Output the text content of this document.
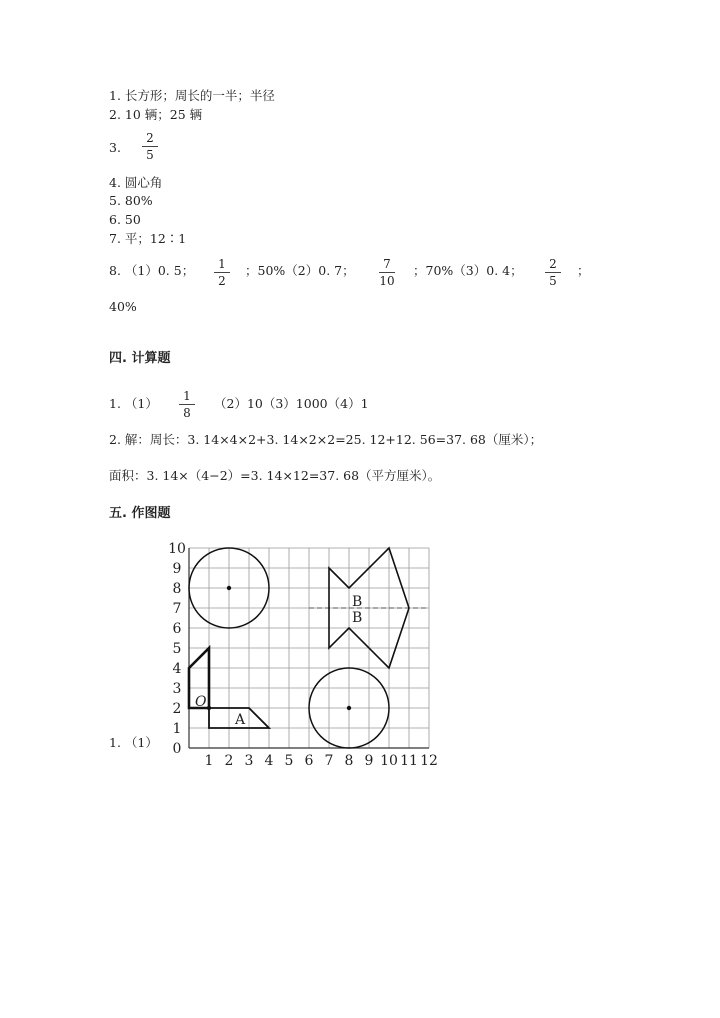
1. 长方形；周长的一半；半径
2. 10 辆；25 辆
3.
2
5
4. 圆心角
5. 80%
6. 50
7. 平；12∶1
8. （1）0. 5；	1
2
；50%（2）0. 7；	7
10
；70%（3）0. 4；	2
5
；
40%
四. 计算题
1. （1）	1
8
（2）10（3）1000（4）1
2. 解：周长：3. 14×4×2+3. 14×2×2=25. 12+12. 56=37. 68（厘米）；
面积：3. 14×（4−2）=3. 14×12=37. 68（平方厘米）。
五. 作图题
1. （1）
1 2 3 4 5 6 7 8 9 10 11 12
0
1
2
3
4
5
6
7
8
9
10
B
B
A
O
